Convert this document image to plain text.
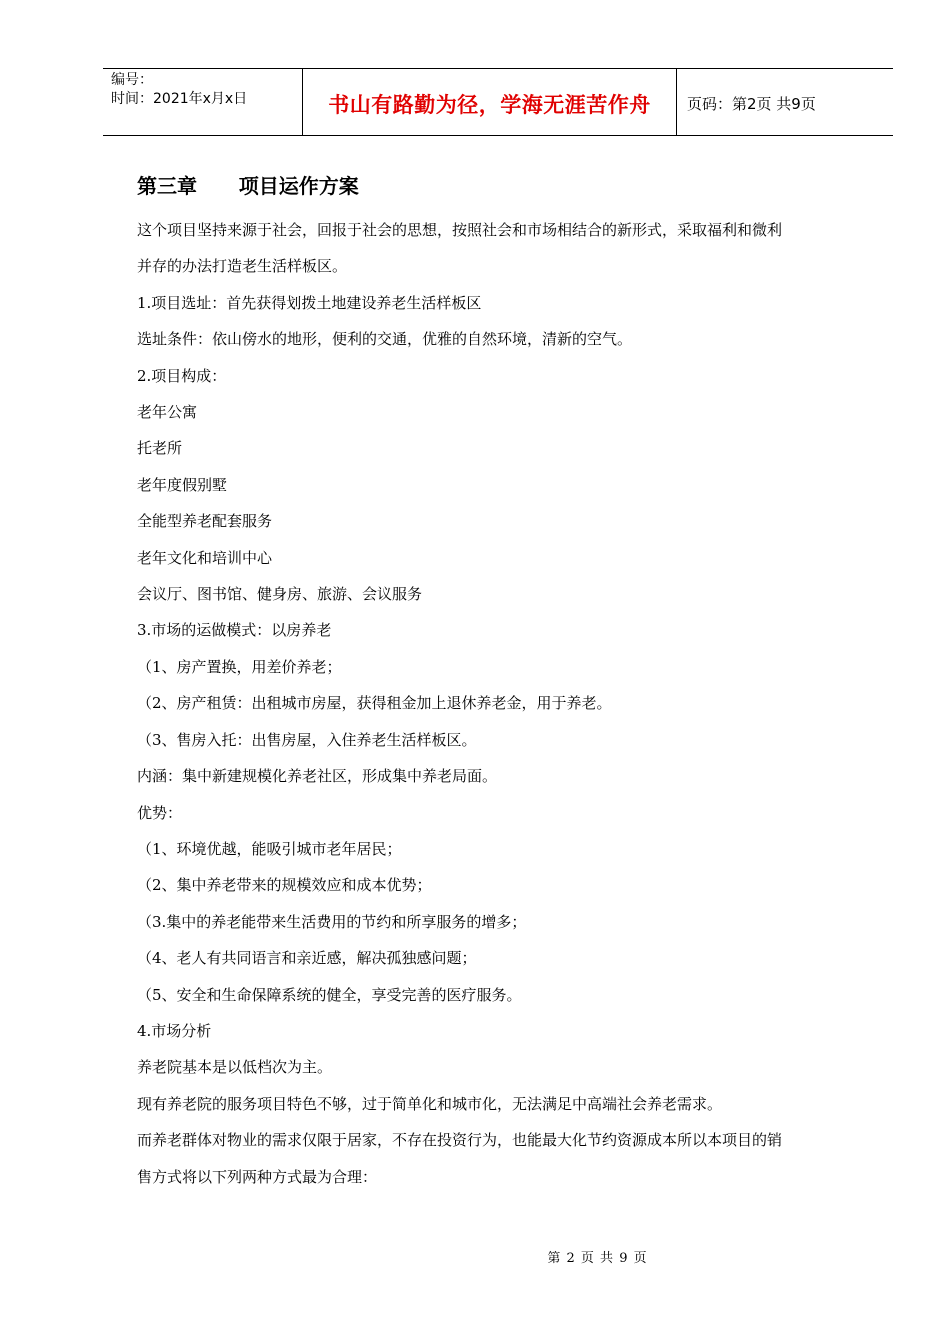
编号：
时间：2021年x月x日	书山有路勤为径，学海无涯苦作舟	页码：第2页 共9页
第三章      项目运作方案
这个项目坚持来源于社会，回报于社会的思想，按照社会和市场相结合的新形式，采取福利和微利
并存的办法打造老生活样板区。
1.项目选址：首先获得划拨土地建设养老生活样板区
选址条件：依山傍水的地形，便利的交通，优雅的自然环境，清新的空气。
2.项目构成：
老年公寓
托老所
老年度假别墅
全能型养老配套服务
老年文化和培训中心
会议厅、图书馆、健身房、旅游、会议服务
3.市场的运做模式：以房养老
（1、房产置换，用差价养老；
（2、房产租赁：出租城市房屋，获得租金加上退休养老金，用于养老。
（3、售房入托：出售房屋，入住养老生活样板区。
内涵：集中新建规模化养老社区，形成集中养老局面。
优势：
（1、环境优越，能吸引城市老年居民；
（2、集中养老带来的规模效应和成本优势；
（3.集中的养老能带来生活费用的节约和所享服务的增多；
（4、老人有共同语言和亲近感，解决孤独感问题；
（5、安全和生命保障系统的健全，享受完善的医疗服务。
4.市场分析
养老院基本是以低档次为主。
现有养老院的服务项目特色不够，过于简单化和城市化，无法满足中高端社会养老需求。
而养老群体对物业的需求仅限于居家，不存在投资行为，也能最大化节约资源成本所以本项目的销
售方式将以下列两种方式最为合理：
第 2 页 共 9 页
